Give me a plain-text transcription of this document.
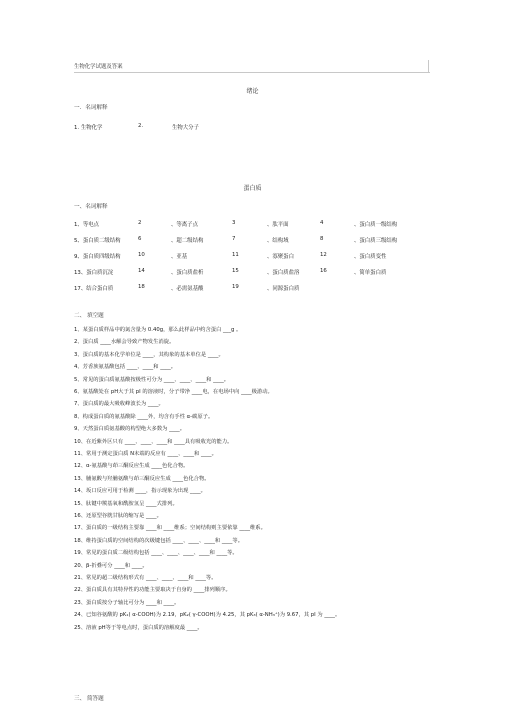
生物化学试题及答案
绪论
一．名词解释
1. 生物化学	2.	生物大分子
蛋白质
一、名词解释
1、等电点	2	、等离子点	3	、肽平面	4	、蛋白质一级结构
5、蛋白质二级结构	6	、超二级结构	7	、结构域	8	、蛋白质三级结构
9、蛋白质四级结构	10	、亚基	11	、寡聚蛋白	12	、蛋白质变性
13、蛋白质沉淀	14	、蛋白质盐析	15	、蛋白质盐溶	16	、简单蛋白质
17、结合蛋白质	18	、必需氨基酸	19	、同源蛋白质
二、 填空题
1、某蛋白质样品中的氮含量为 0.40g，那么此样品中约含蛋白 ___g 。
2、蛋白质 ____水解会导致产物发生消旋。
3、蛋白质的基本化学单位是 ____，其构象的基本单位是 ____。
4、芳香族氨基酸包括 ____、____和 ____。
5、常见的蛋白质氨基酸按极性可分为 ____、____、____和 ____。
6、氨基酸处在 pH大于其 pI 的溶液时，分子带净 ____电，在电场中向 ____极游动。
7、蛋白质的最大吸收峰波长为 ____。
8、构成蛋白质的氨基酸除 ____外，均含有手性 α-碳原子。
9、天然蛋白质氨基酸的构型绝大多数为 ____。
10、在近紫外区只有 ____、____、____和 ____具有吸收光的能力。
11、常用于测定蛋白质 N末端的反应有 ____、____和 ____。
12、α-氨基酸与茚三酮反应生成 ____色化合物。
13、脯氨酸与羟脯氨酸与茚三酮反应生成 ____色化合物。
14、坂口反应可用于检测 ____，指示现象为出现 ____。
15、肽键中羰基氧和酰胺氢呈 ____式排列。
16、还原型谷胱甘肽的缩写是 ____。
17、蛋白质的一级结构主要靠 ____和 ____维系；空间结构则主要依靠 ____维系。
18、维持蛋白质的空间结构的次级键包括 ____、____、____和 ____等。
19、常见的蛋白质二级结构包括 ____、____、____、____和 ____等。
20、β-折叠可分 ____和 ____。
21、常见的超二级结构形式有 ____、____、____和 ____等。
22、蛋白质具有其特异性的功能主要取决于自身的 ____排列顺序。
23、蛋白质按分子轴比可分为 ____和 ____。
24、已知谷氨酸的 pK₁( α-COOH)为 2.19，pK₂( γ-COOH)为 4.25，其 pK₃( α-NH₃⁺)为 9.67，其 pI 为 ____。
25、溶液 pH等于等电点时，蛋白质的溶解度最 ____。
三、 简答题
